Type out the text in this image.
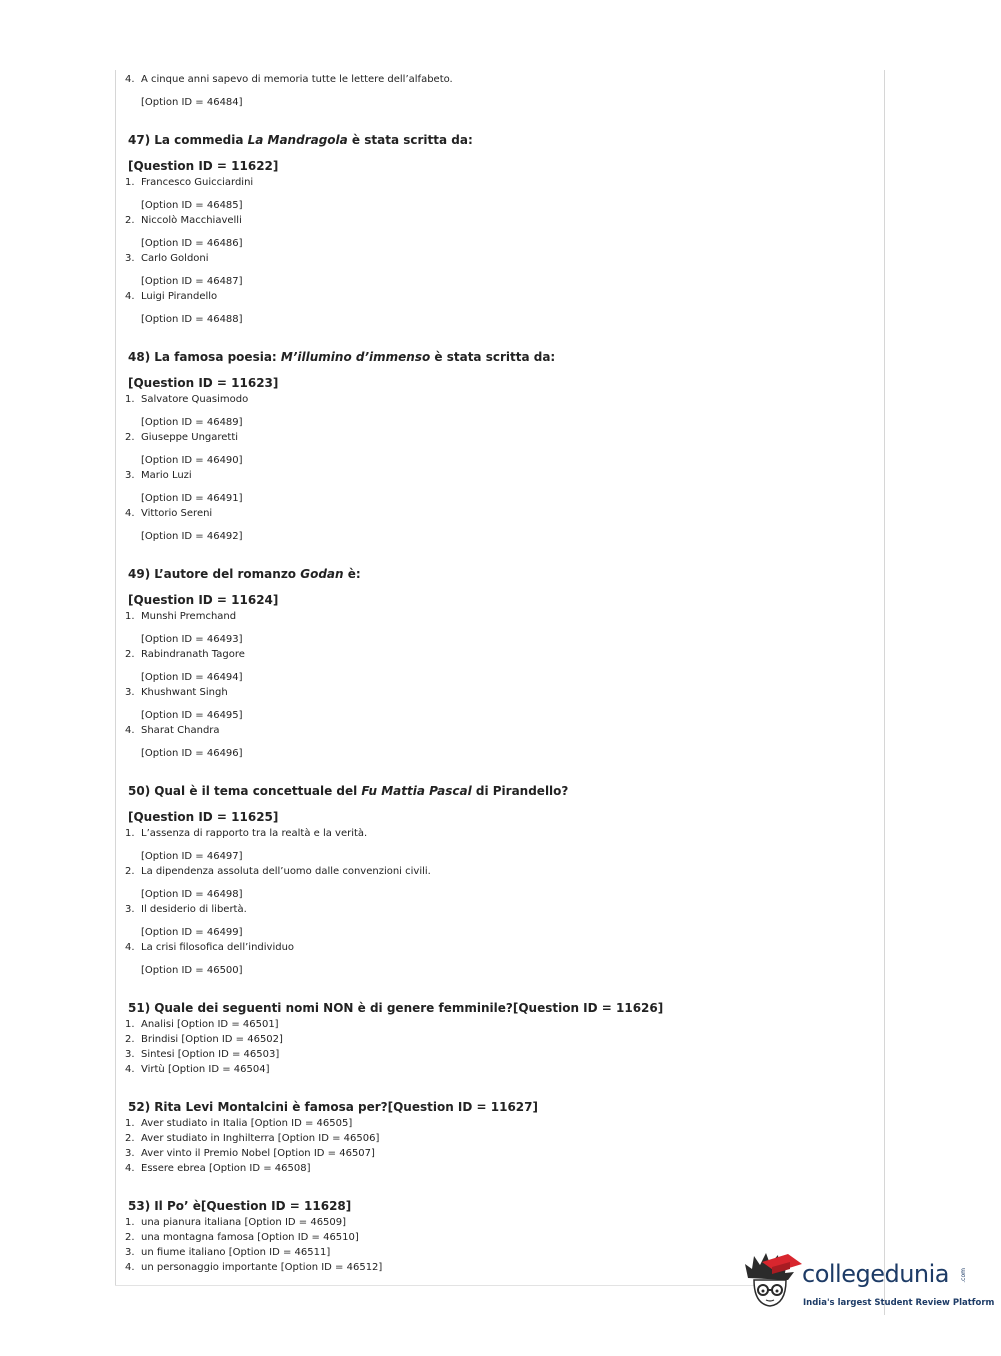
4. A cinque anni sapevo di memoria tutte le lettere dell’alfabeto.

[Option ID = 46484]

47) La commedia La Mandragola è stata scritta da:

[Question ID = 11622]

1. Francesco Guicciardini

[Option ID = 46485]

2. Niccolò Macchiavelli

[Option ID = 46486]

3. Carlo Goldoni

[Option ID = 46487]

4. Luigi Pirandello

[Option ID = 46488]

48) La famosa poesia: M’illumino d’immenso è stata scritta da:

[Question ID = 11623]

1. Salvatore Quasimodo

[Option ID = 46489]

2. Giuseppe Ungaretti

[Option ID = 46490]

3. Mario Luzi

[Option ID = 46491]

4. Vittorio Sereni

[Option ID = 46492]

49) L’autore del romanzo Godan è:

[Question ID = 11624]

1. Munshi Premchand

[Option ID = 46493]

2. Rabindranath Tagore

[Option ID = 46494]

3. Khushwant Singh

[Option ID = 46495]

4. Sharat Chandra

[Option ID = 46496]

50) Qual è il tema concettuale del Fu Mattia Pascal di Pirandello?

[Question ID = 11625]

1. L’assenza di rapporto tra la realtà e la verità.

[Option ID = 46497]

2. La dipendenza assoluta dell’uomo dalle convenzioni civili.

[Option ID = 46498]

3. Il desiderio di libertà.

[Option ID = 46499]

4. La crisi filosofica dell’individuo

[Option ID = 46500]

51) Quale dei seguenti nomi NON è di genere femminile?[Question ID = 11626]

1. Analisi [Option ID = 46501]

2. Brindisi [Option ID = 46502]

3. Sintesi [Option ID = 46503]

4. Virtù [Option ID = 46504]

52) Rita Levi Montalcini è famosa per?[Question ID = 11627]

1. Aver studiato in Italia [Option ID = 46505]

2. Aver studiato in Inghilterra [Option ID = 46506]

3. Aver vinto il Premio Nobel [Option ID = 46507]

4. Essere ebrea [Option ID = 46508]

53) Il Po’ è[Question ID = 11628]

1. una pianura italiana [Option ID = 46509]

2. una montagna famosa [Option ID = 46510]

3. un fiume italiano [Option ID = 46511]

4. un personaggio importante [Option ID = 46512]	collegedunia .com
India's largest Student Review Platform
